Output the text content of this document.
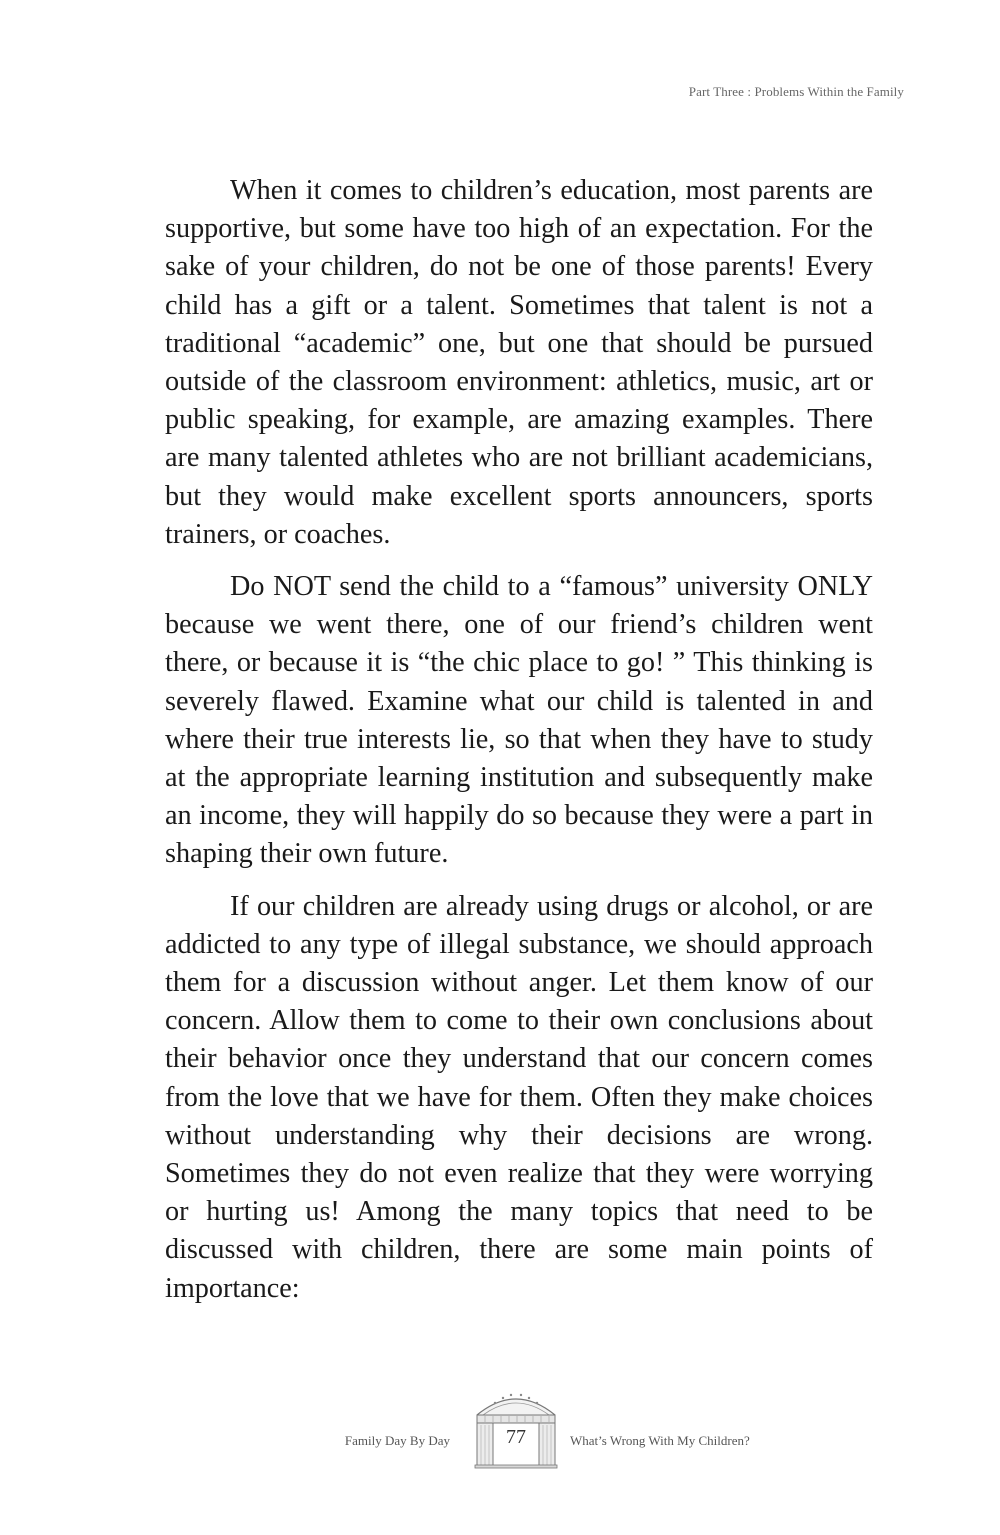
Part Three : Problems Within the Family

When it comes to children’s education, most parents are supportive, but some have too high of an expectation. For the sake of your children, do not be one of those parents! Every child has a gift or a talent. Sometimes that talent is not a traditional “academic” one, but one that should be pursued outside of the classroom environment: athletics, music, art or public speaking, for example, are amazing examples. There are many talented athletes who are not brilliant academicians, but they would make excellent sports announcers, sports trainers, or coaches.

Do NOT send the child to a “famous” university ONLY because we went there, one of our friend’s children went there, or because it is “the chic place to go! ” This thinking is severely flawed. Examine what our child is talented in and where their true interests lie, so that when they have to study at the appropriate learning institution and subsequently make an income, they will happily do so because they were a part in shaping their own future.

If our children are already using drugs or alcohol, or are addicted to any type of illegal substance, we should approach them for a discussion without anger. Let them know of our concern. Allow them to come to their own conclusions about their behavior once they understand that our concern comes from the love that we have for them. Often they make choices without understanding why their decisions are wrong. Sometimes they do not even realize that they were worrying or hurting us! Among the many topics that need to be discussed with children, there are some main points of importance:

Family Day By Day	77	What’s Wrong With My Children?
